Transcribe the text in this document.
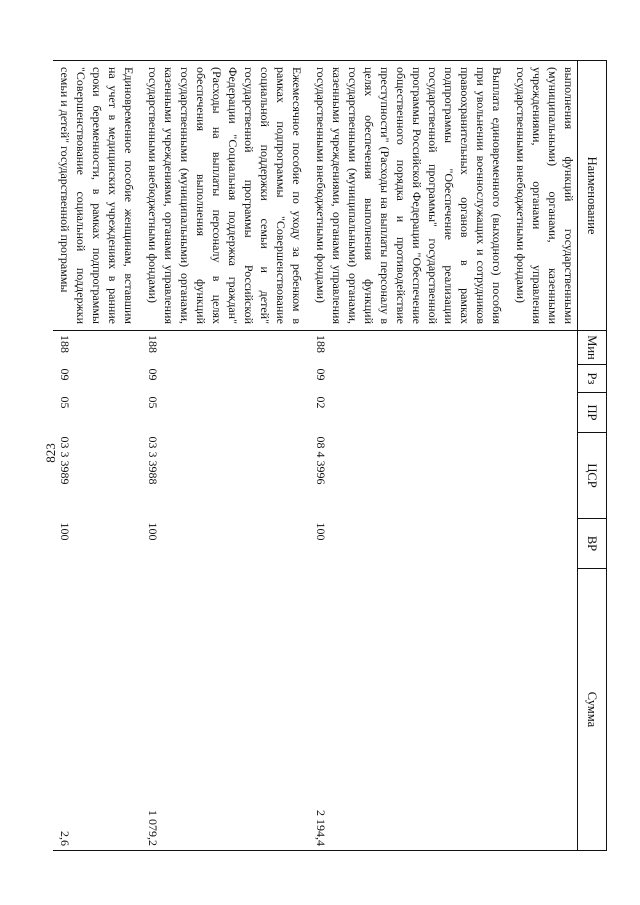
823
Наименование	Мин	Рз	ПР	ЦСР	ВР	Сумма
выполнения функций государственными (муниципальными) органами, казенными учреждениями, органами управления государственными внебюджетными фондами)						
Выплата единовременного (выходного) пособия при увольнении военнослужащих и сотрудников правоохранительных органов в рамках подпрограммы "Обеспечение реализации государственной программы" государственной программы Российской Федерации "Обеспечение общественного порядка и противодействие преступности" (Расходы на выплаты персоналу в целях обеспечения выполнения функций государственными (муниципальными) органами, казенными учреждениями, органами управления государственными внебюджетными фондами)	188	09	02	08 4 3996	100	2 194,4
Ежемесячное пособие по уходу за ребенком в рамках подпрограммы "Совершенствование социальной поддержки семьи и детей" государственной программы Российской Федерации "Социальная поддержка граждан" (Расходы на выплаты персоналу в целях обеспечения выполнения функций государственными (муниципальными) органами, казенными учреждениями, органами управления государственными внебюджетными фондами)	188	09	05	03 3 3988	100	1 079,2
Единовременное пособие женщинам, вставшим на учет в медицинских учреждениях в ранние сроки беременности, в рамках подпрограммы "Совершенствование социальной поддержки семьи и детей" государственной программы	188	09	05	03 3 3989	100	2,6
